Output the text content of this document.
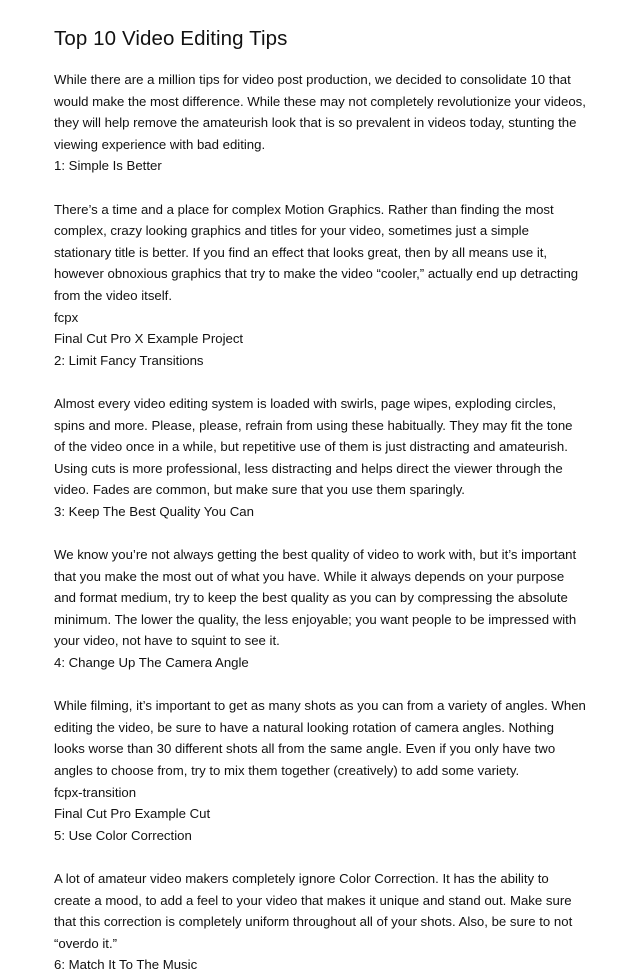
Top 10 Video Editing Tips

While there are a million tips for video post production, we decided to consolidate 10 that would make the most difference. While these may not completely revolutionize your videos, they will help remove the amateurish look that is so prevalent in videos today, stunting the viewing experience with bad editing.

1: Simple Is Better

There’s a time and a place for complex Motion Graphics. Rather than finding the most complex, crazy looking graphics and titles for your video, sometimes just a simple stationary title is better. If you find an effect that looks great, then by all means use it, however obnoxious graphics that try to make the video “cooler,” actually end up detracting from the video itself.

fcpx
Final Cut Pro X Example Project
2: Limit Fancy Transitions

Almost every video editing system is loaded with swirls, page wipes, exploding circles, spins and more. Please, please, refrain from using these habitually. They may fit the tone of the video once in a while, but repetitive use of them is just distracting and amateurish. Using cuts is more professional, less distracting and helps direct the viewer through the video. Fades are common, but make sure that you use them sparingly.

3: Keep The Best Quality You Can

We know you’re not always getting the best quality of video to work with, but it’s important that you make the most out of what you have. While it always depends on your purpose and format medium, try to keep the best quality as you can by compressing the absolute minimum. The lower the quality, the less enjoyable; you want people to be impressed with your video, not have to squint to see it.

4: Change Up The Camera Angle

While filming, it’s important to get as many shots as you can from a variety of angles. When editing the video, be sure to have a natural looking rotation of camera angles. Nothing looks worse than 30 different shots all from the same angle. Even if you only have two angles to choose from, try to mix them together (creatively) to add some variety.

fcpx-transition
Final Cut Pro Example Cut
5: Use Color Correction

A lot of amateur video makers completely ignore Color Correction. It has the ability to create a mood, to add a feel to your video that makes it unique and stand out. Make sure that this correction is completely uniform throughout all of your shots. Also, be sure to not “overdo it.”

6: Match It To The Music
